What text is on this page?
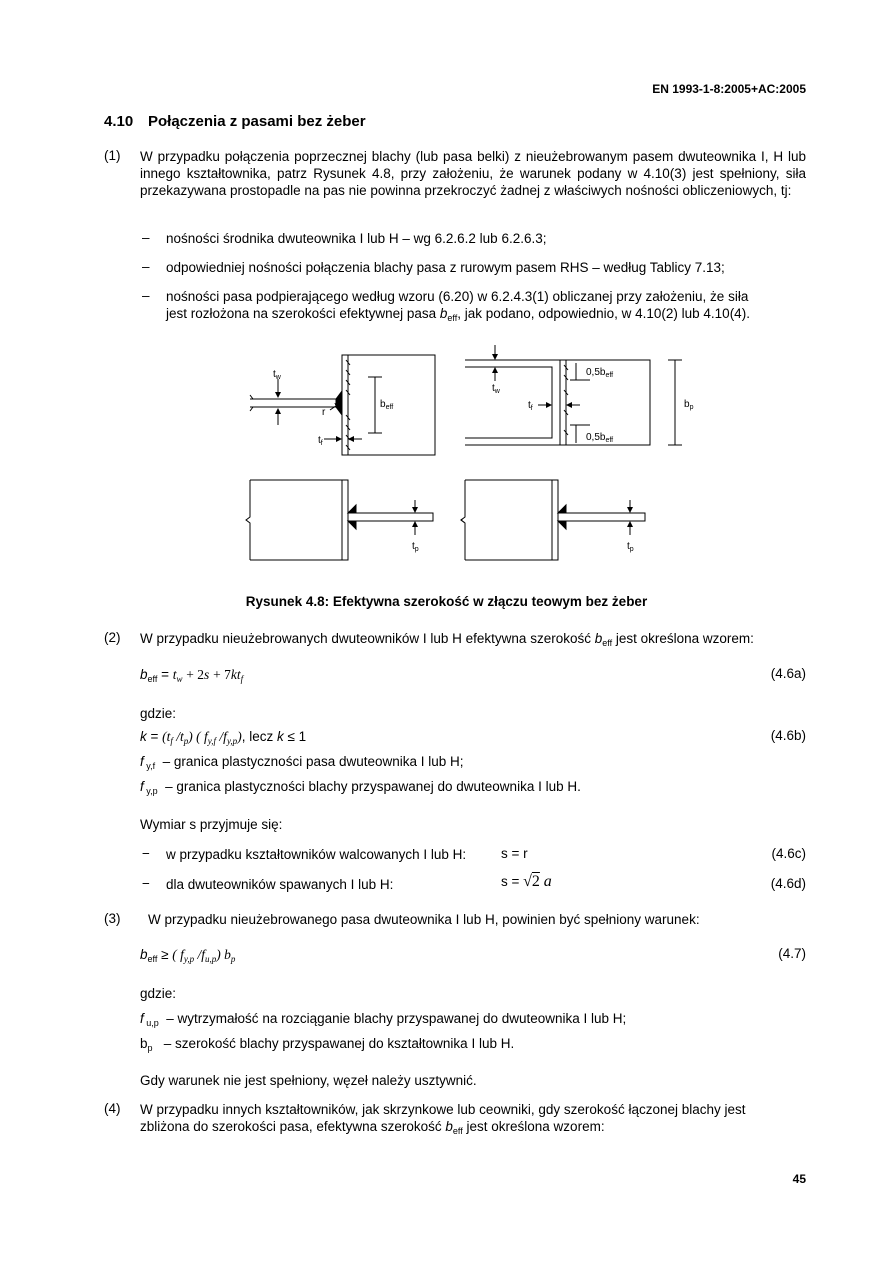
EN 1993-1-8:2005+AC:2005
4.10 Połączenia z pasami bez żeber
(1) W przypadku połączenia poprzecznej blachy (lub pasa belki) z nieużebrowanym pasem dwuteownika I, H lub innego kształtownika, patrz Rysunek 4.8, przy założeniu, że warunek podany w 4.10(3) jest spełniony, siła przekazywana prostopadle na pas nie powinna przekroczyć żadnej z właściwych nośności obliczeniowych, tj:
– nośności środnika dwuteownika I lub H – wg 6.2.6.2 lub 6.2.6.3;
– odpowiedniej nośności połączenia blachy pasa z rurowym pasem RHS – według Tablicy 7.13;
– nośności pasa podpierającego według wzoru (6.20) w 6.2.4.3(1) obliczanej przy założeniu, że siła
jest rozłożona na szerokości efektywnej pasa $b_{eff}$, jak podano, odpowiednio, w 4.10(2) lub 4.10(4).
$t_w$
r
$t_f$
$b_{eff}$
$t_w$
$t_f$
$0,5b_{eff}$
$0,5b_{eff}$
$b_p$
$t_p$	$t_p$
Rysunek 4.8: Efektywna szerokość w złączu teowym bez żeber
(2) W przypadku nieużebrowanych dwuteowników I lub H efektywna szerokość $b_{eff}$ jest określona wzorem:
$b_{eff} = t_w + 2s + 7kt_f$	(4.6a)
gdzie:
$k = (t_f$ $/t_p$) ( $f_{y,f}$ $/f_{y,p}$), lecz k ≤ 1	(4.6b)
f $_{y,f}$ – granica plastyczności pasa dwuteownika I lub H;
f $_{y,p}$ – granica plastyczności blachy przyspawanej do dwuteownika I lub H.
Wymiar s przyjmuje się:
− w przypadku kształtowników walcowanych I lub H:	s = r	(4.6c)
− dla dwuteowników spawanych I lub H:	s = √2 a	(4.6d)
(3) W przypadku nieużebrowanego pasa dwuteownika I lub H, powinien być spełniony warunek:
$b_{eff}$ ≥ ( $f_{y,p}$ $/f_{u,p}$) $b_p$	(4.7)
gdzie:
f $_{u,p}$ – wytrzymałość na rozciąganie blachy przyspawanej do dwuteownika I lub H;
$b_p$ – szerokość blachy przyspawanej do kształtownika I lub H.
Gdy warunek nie jest spełniony, węzeł należy usztywnić.
(4) W przypadku innych kształtowników, jak skrzynkowe lub ceowniki, gdy szerokość łączonej blachy jest
zbliżona do szerokości pasa, efektywna szerokość $b_{eff}$ jest określona wzorem:
45
